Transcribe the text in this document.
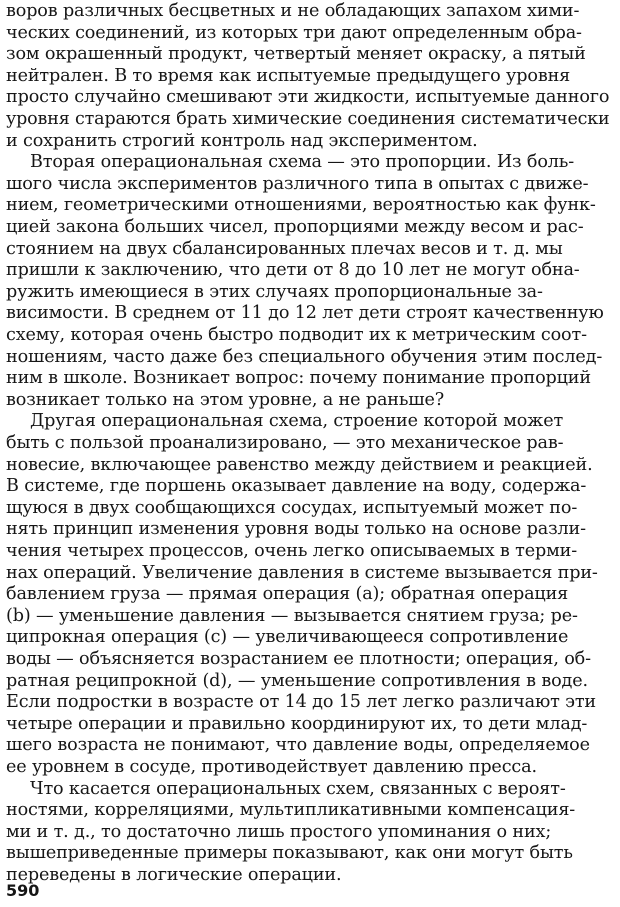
воров различных бесцветных и не обладающих запахом хими-
ческих соединений, из которых три дают определенным обра-
зом окрашенный продукт, четвертый меняет окраску, а пятый
нейтрален. В то время как испытуемые предыдущего уровня
просто случайно смешивают эти жидкости, испытуемые данного
уровня стараются брать химические соединения систематически
и сохранить строгий контроль над экспериментом.
Вторая операциональная схема — это пропорции. Из боль-
шого числа экспериментов различного типа в опытах с движе-
нием, геометрическими отношениями, вероятностью как функ-
цией закона больших чисел, пропорциями между весом и рас-
стоянием на двух сбалансированных плечах весов и т. д. мы
пришли к заключению, что дети от 8 до 10 лет не могут обна-
ружить имеющиеся в этих случаях пропорциональные за-
висимости. В среднем от 11 до 12 лет дети строят качественную
схему, которая очень быстро подводит их к метрическим соот-
ношениям, часто даже без специального обучения этим послед-
ним в школе. Возникает вопрос: почему понимание пропорций
возникает только на этом уровне, а не раньше?
Другая операциональная схема, строение которой может
быть с пользой проанализировано, — это механическое рав-
новесие, включающее равенство между действием и реакцией.
В системе, где поршень оказывает давление на воду, содержа-
щуюся в двух сообщающихся сосудах, испытуемый может по-
нять принцип изменения уровня воды только на основе разли-
чения четырех процессов, очень легко описываемых в терми-
нах операций. Увеличение давления в системе вызывается при-
бавлением груза — прямая операция (a); обратная операция
(b) — уменьшение давления — вызывается снятием груза; ре-
ципрокная операция (c) — увеличивающееся сопротивление
воды — объясняется возрастанием ее плотности; операция, об-
ратная реципрокной (d), — уменьшение сопротивления в воде.
Если подростки в возрасте от 14 до 15 лет легко различают эти
четыре операции и правильно координируют их, то дети млад-
шего возраста не понимают, что давление воды, определяемое
ее уровнем в сосуде, противодействует давлению пресса.
Что касается операциональных схем, связанных с вероят-
ностями, корреляциями, мультипликативными компенсация-
ми и т. д., то достаточно лишь простого упоминания о них;
вышеприведенные примеры показывают, как они могут быть
переведены в логические операции.
590
